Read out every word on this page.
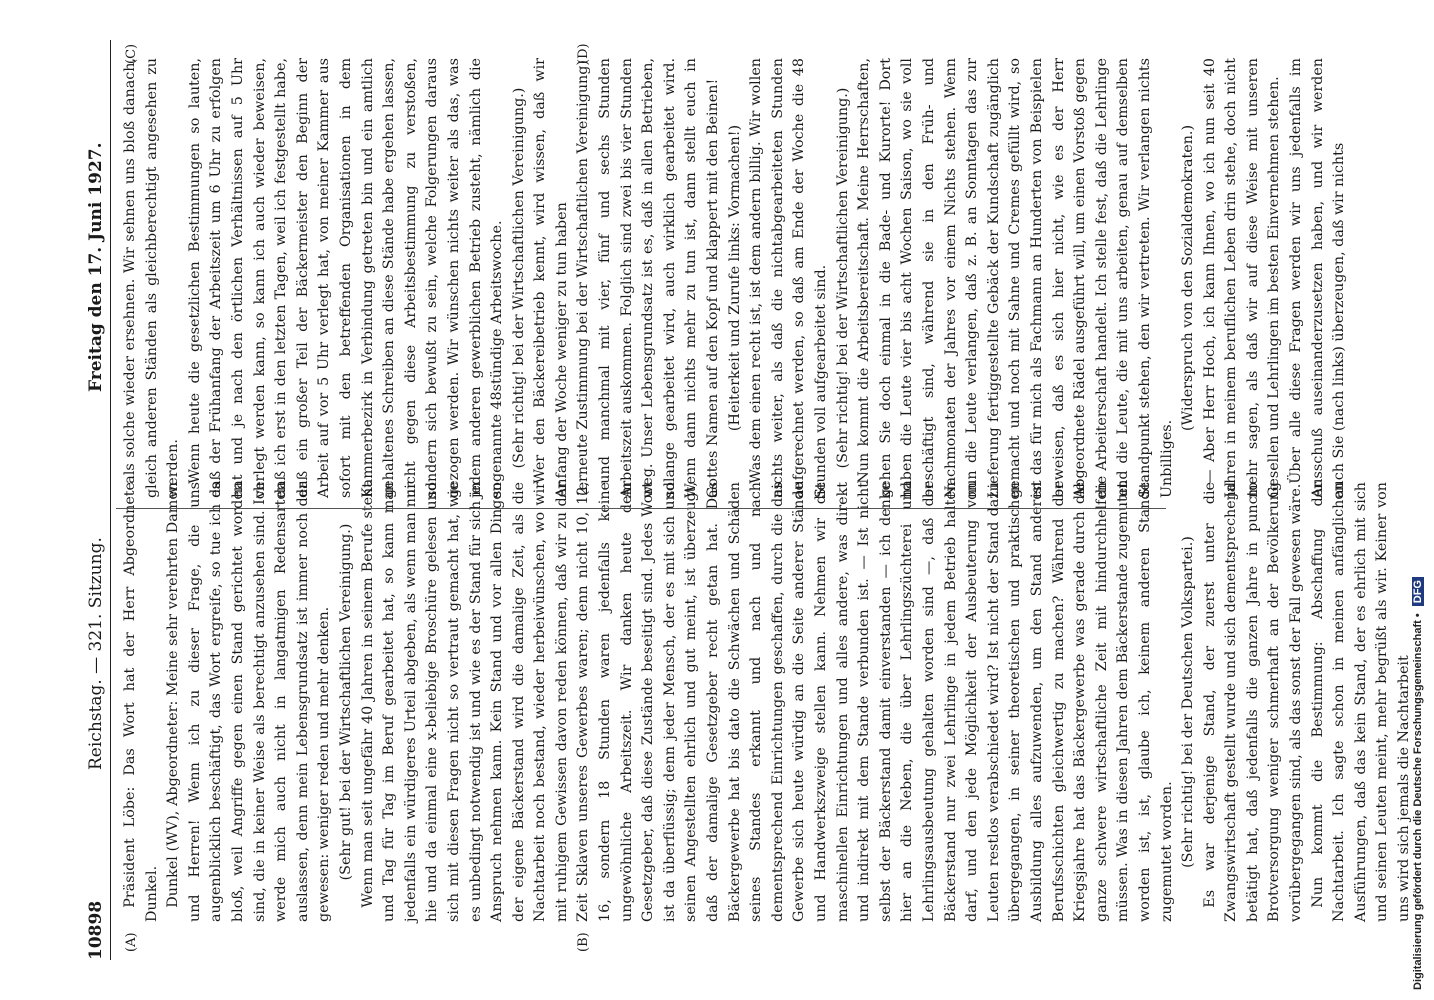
10898
Reichstag. — 321. Sitzung.
Freitag den 17. Juni 1927.
(A)	(B)
(C)	(D)

Präsident Löbe: Das Wort hat der Herr Abgeordnete Dunkel. Dunkel (WV), Abgeordneter: Meine sehr verehrten Damen und Herren! Wenn ich zu dieser Frage, die uns augenblicklich beschäftigt, das Wort ergreife, so tue ich es bloß, weil Angriffe gegen einen Stand gerichtet worden sind, die in keiner Weise als berechtigt anzusehen sind. Ich werde mich auch nicht in langatmigen Redensarten auslassen, denn mein Lebensgrundsatz ist immer noch der gewesen: weniger reden und mehr denken. (Sehr gut! bei der Wirtschaftlichen Vereinigung.) Wenn man seit ungefähr 40 Jahren in seinem Berufe steht und Tag für Tag im Beruf gearbeitet hat, so kann man jedenfalls ein würdigeres Urteil abgeben, als wenn man nur hie und da einmal eine x-beliebige Broschüre gelesen und sich mit diesen Fragen nicht so vertraut gemacht hat, wie es unbedingt notwendig ist und wie es der Stand für sich in Anspruch nehmen kann. Kein Stand und vor allen Dingen der eigene Bäckerstand wird die damalige Zeit, als die Nachtarbeit noch bestand, wieder herbeiwünschen, wo wir mit ruhigem Gewissen davon reden können, daß wir zu der Zeit Sklaven unseres Gewerbes waren; denn nicht 10, 12, 16, sondern 18 Stunden waren jedenfalls keine ungewöhnliche Arbeitszeit. Wir danken heute dem Gesetzgeber, daß diese Zustände beseitigt sind. Jedes Wort ist da überflüssig; denn jeder Mensch, der es mit sich und seinen Angestellten ehrlich und gut meint, ist überzeugt, daß der damalige Gesetzgeber recht getan hat. Das Bäckergewerbe hat bis dato die Schwächen und Schäden seines Standes erkannt und nach und nach dementsprechend Einrichtungen geschaffen, durch die das Gewerbe sich heute würdig an die Seite anderer Stände und Handwerkszweige stellen kann. Nehmen wir die maschinellen Einrichtungen und alles andere, was direkt und indirekt mit dem Stande verbunden ist. — Ist nicht selbst der Bäckerstand damit einverstanden — ich denke hier an die Neben, die über Lehrlingszüchterei und Lehrlingsausbeutung gehalten worden sind —, daß der Bäckerstand nur zwei Lehrlinge in jedem Betrieb halten darf, und den jede Möglichkeit der Ausbeuterung von Leuten restlos verabschiedet wird? Ist nicht der Stand dazu übergegangen, in seiner theoretischen und praktischen Ausbildung alles aufzuwenden, um den Stand anderen Berufsschichten gleichwertig zu machen? Während der Kriegsjahre hat das Bäckergewerbe was gerade durch die ganze schwere wirtschaftliche Zeit mit hindurchhelfen müssen. Was in diesen Jahren dem Bäckerstande zugemutet worden ist, ist, glaube ich, keinem anderen Stande zugemutet worden. (Sehr richtig! bei der Deutschen Volkspartei.) Es war derjenige Stand, der zuerst unter die Zwangswirtschaft gestellt wurde und sich dementsprechend betätigt hat, daß jedenfalls die ganzen Jahre in puncto Brotversorgung weniger schmerhaft an der Bevölkerung vorübergegangen sind, als das sonst der Fall gewesen wäre. Nun kommt die Bestimmung: Abschaffung der Nachtarbeit. Ich sagte schon in meinen anfänglichen Ausführungen, daß das kein Stand, der es ehrlich mit sich und seinen Leuten meint, mehr begrüßt als wir. Keiner von uns wird sich jemals die Nachtarbeit

als solche wieder ersehnen. Wir sehnen uns bloß danach, gleich anderen Ständen als gleichberechtigt angesehen zu werden. Wenn heute die gesetzlichen Bestimmungen so lauten, daß der Frühanfang der Arbeitszeit um 6 Uhr zu erfolgen hat und je nach den örtlichen Verhältnissen auf 5 Uhr verlegt werden kann, so kann ich auch wieder beweisen, daß ich erst in den letzten Tagen, weil ich festgestellt habe, daß ein großer Teil der Bäckermeister den Beginn der Arbeit auf vor 5 Uhr verlegt hat, von meiner Kammer aus sofort mit den betreffenden Organisationen in dem Kammerbezirk in Verbindung getreten bin und ein amtlich gehaltenes Schreiben an diese Stände habe ergehen lassen, nicht gegen diese Arbeitsbestimmung zu verstoßen, sondern sich bewußt zu sein, welche Folgerungen daraus gezogen werden. Wir wünschen nichts weiter als das, was jedem anderen gewerblichen Betrieb zusteht, nämlich die sogenannte 48stündige Arbeitswoche. (Sehr richtig! bei der Wirtschaftlichen Vereinigung.) Wer den Bäckereibetrieb kennt, wird wissen, daß wir Anfang der Woche weniger zu tun haben (erneute Zustimmung bei der Wirtschaftlichen Vereinigung) und manchmal mit vier, fünf und sechs Stunden Arbeitszeit auskommen. Folglich sind zwei bis vier Stunden weg. Unser Lebensgrundsatz ist es, daß in allen Betrieben, solange gearbeitet wird, auch wirklich gearbeitet wird. Wenn dann nichts mehr zu tun ist, dann stellt euch in Gottes Namen auf den Kopf und klappert mit den Beinen! (Heiterkeit und Zurufe links: Vormachen!) Was dem einen recht ist, ist dem andern billig. Wir wollen nichts weiter, als daß die nichtabgearbeiteten Stunden aufgerechnet werden, so daß am Ende der Woche die 48 Stunden voll aufgearbeitet sind. (Sehr richtig! bei der Wirtschaftlichen Vereinigung.) Nun kommt die Arbeitsbereitschaft. Meine Herrschaften, gehen Sie doch einmal in die Bade- und Kurorte! Dort haben die Leute vier bis acht Wochen Saison, wo sie voll beschäftigt sind, während sie in den Früh- und Nachmonaten der Jahres vor einem Nichts stehen. Wenn nun die Leute verlangen, daß z. B. an Sonntagen das zur Lieferung fertiggestellte Gebäck der Kundschaft zugänglich gemacht und noch mit Sahne und Cremes gefüllt wird, so ist das für mich als Fachmann an Hunderten von Beispielen beweisen, daß es sich hier nicht, wie es der Herr Abgeordnete Rädel ausgeführt will, um einen Vorstoß gegen die Arbeiterschaft handelt. Ich stelle fest, daß die Lehrlinge und die Leute, die mit uns arbeiten, genau auf demselben Standpunkt stehen, den wir vertreten. Wir verlangen nichts Unbilliges.

(Widerspruch von den Sozialdemokraten.) — Aber Herr Hoch, ich kann Ihnen, wo ich nun seit 40 Jahren in meinem beruflichen Leben drin stehe, doch nicht mehr sagen, als daß wir auf diese Weise mit unseren Gesellen und Lehrlingen im besten Einvernehmen stehen. Über alle diese Fragen werden wir uns jedenfalls im Ausschuß auseinanderzusetzen haben, und wir werden auch Sie (nach links) überzeugen, daß wir nichts

Digitalisierung gefördert durch die Deutsche Forschungsgemeinschaft • DFG
